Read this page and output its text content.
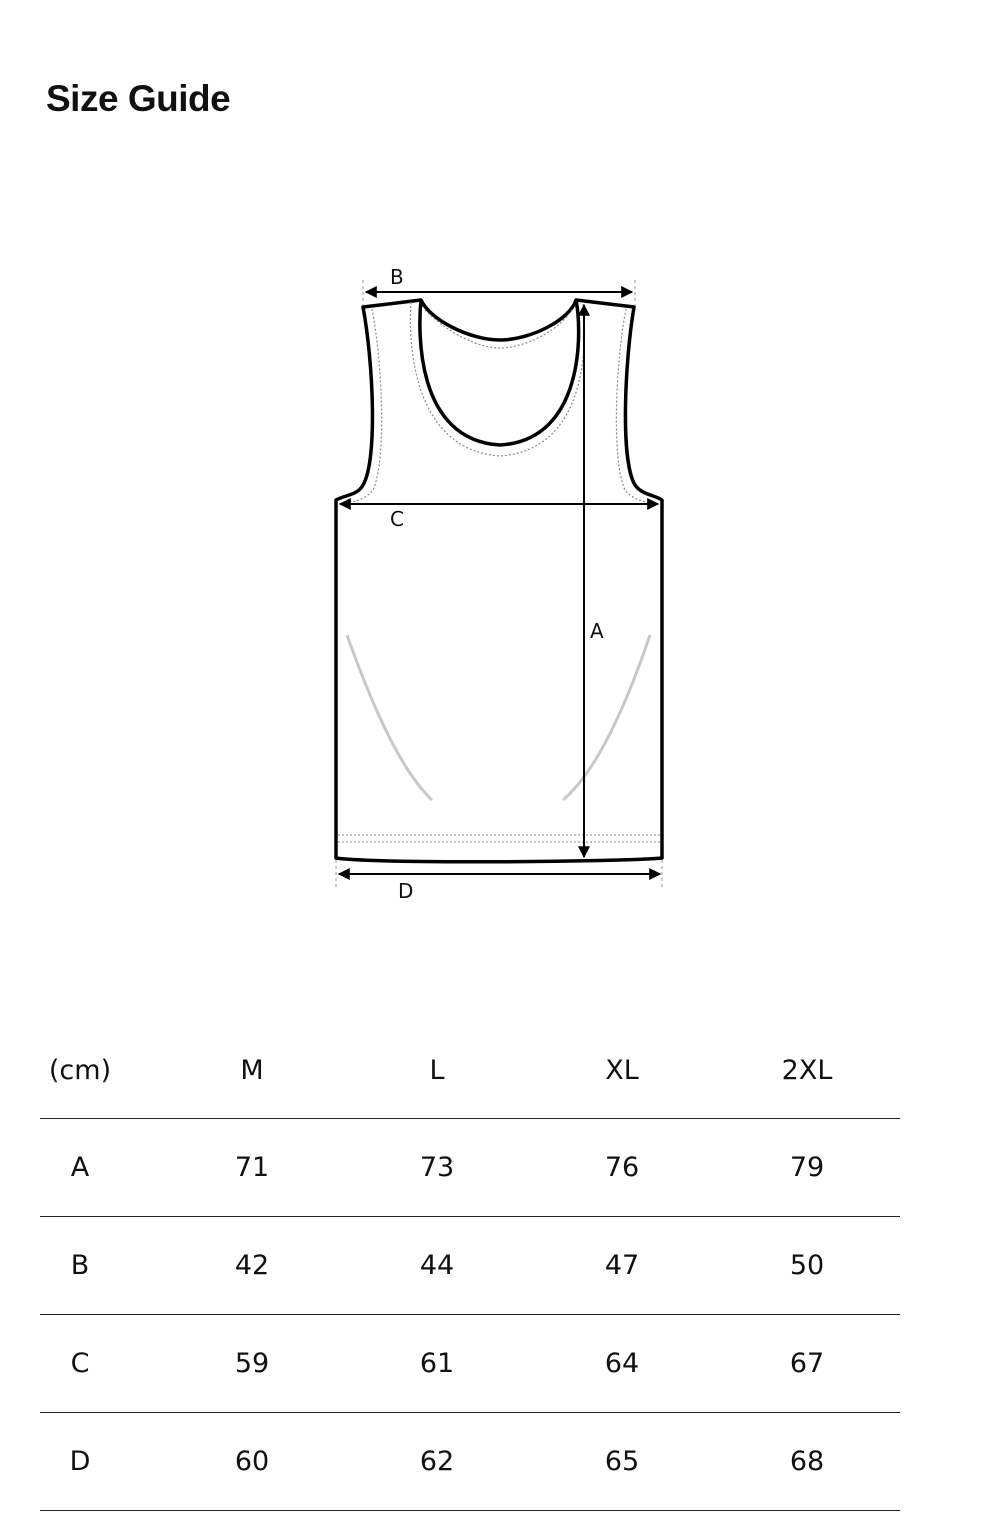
Size Guide
B
C
A
D
(cm)	M	L	XL	2XL
A	71	73	76	79
B	42	44	47	50
C	59	61	64	67
D	60	62	65	68
